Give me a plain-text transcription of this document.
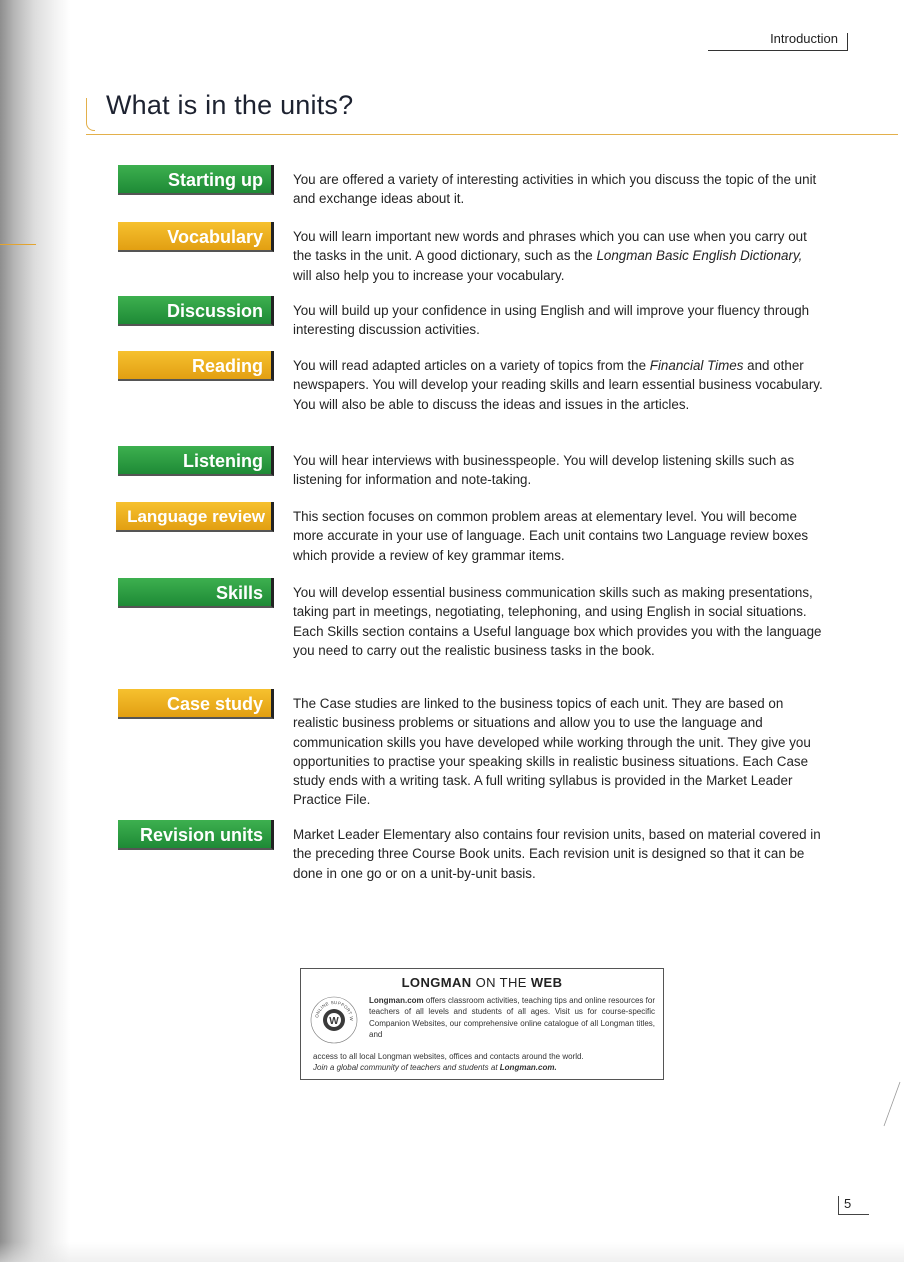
Introduction
What is in the units?
Starting up	You are offered a variety of interesting activities in which you discuss the topic of the unit and exchange ideas about it.

Vocabulary	You will learn important new words and phrases which you can use when you carry out the tasks in the unit. A good dictionary, such as the Longman Basic English Dictionary, will also help you to increase your vocabulary.

Discussion	You will build up your confidence in using English and will improve your fluency through interesting discussion activities.

Reading	You will read adapted articles on a variety of topics from the Financial Times and other newspapers. You will develop your reading skills and learn essential business vocabulary. You will also be able to discuss the ideas and issues in the articles.

Listening	You will hear interviews with businesspeople. You will develop listening skills such as listening for information and note-taking.

Language review	This section focuses on common problem areas at elementary level. You will become more accurate in your use of language. Each unit contains two Language review boxes which provide a review of key grammar items.

Skills	You will develop essential business communication skills such as making presentations, taking part in meetings, negotiating, telephoning, and using English in social situations. Each Skills section contains a Useful language box which provides you with the language you need to carry out the realistic business tasks in the book.

Case study	The Case studies are linked to the business topics of each unit. They are based on realistic business problems or situations and allow you to use the language and communication skills you have developed while working through the unit. They give you opportunities to practise your speaking skills in realistic business situations. Each Case study ends with a writing task. A full writing syllabus is provided in the Market Leader Practice File.

Revision units	Market Leader Elementary also contains four revision units, based on material covered in the preceding three Course Book units. Each revision unit is designed so that it can be done in one go or on a unit-by-unit basis.

LONGMAN ON THE WEB
W
ONLINE SUPPORT W

Longman.com offers classroom activities, teaching tips and online resources for teachers of all levels and students of all ages. Visit us for course-specific Companion Websites, our comprehensive online catalogue of all Longman titles, and

access to all local Longman websites, offices and contacts around the world.

Join a global community of teachers and students at Longman.com.

5
